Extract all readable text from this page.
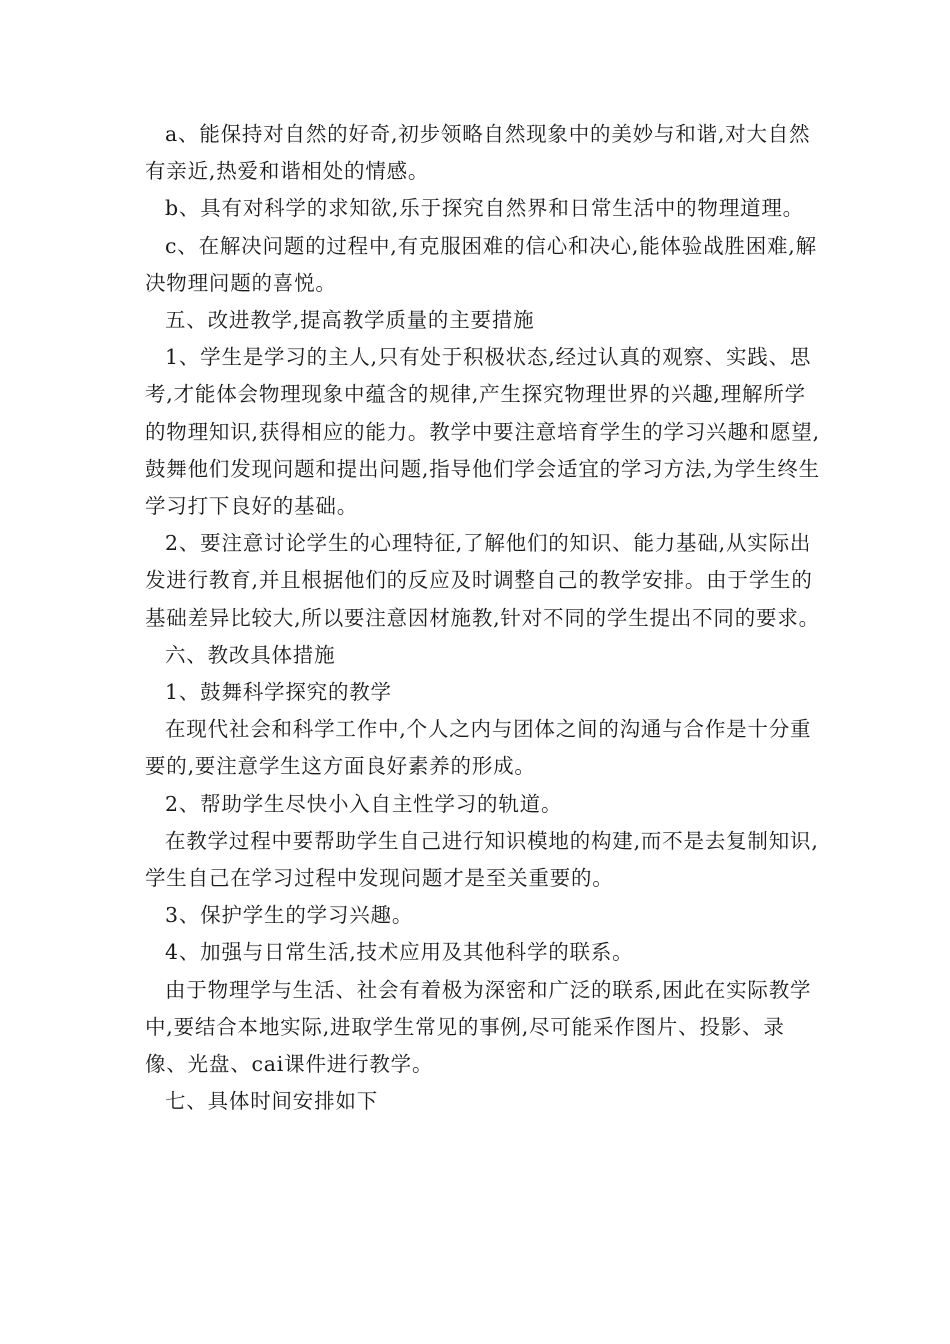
a、能保持对自然的好奇,初步领略自然现象中的美妙与和谐,对大自然有亲近,热爱和谐相处的情感。

b、具有对科学的求知欲,乐于探究自然界和日常生活中的物理道理。

c、在解决问题的过程中,有克服困难的信心和决心,能体验战胜困难,解决物理问题的喜悦。

五、改进教学,提高教学质量的主要措施

1、学生是学习的主人,只有处于积极状态,经过认真的观察、实践、思考,才能体会物理现象中蕴含的规律,产生探究物理世界的兴趣,理解所学的物理知识,获得相应的能力。教学中要注意培育学生的学习兴趣和愿望,鼓舞他们发现问题和提出问题,指导他们学会适宜的学习方法,为学生终生学习打下良好的基础。

2、要注意讨论学生的心理特征,了解他们的知识、能力基础,从实际出发进行教育,并且根据他们的反应及时调整自己的教学安排。由于学生的基础差异比较大,所以要注意因材施教,针对不同的学生提出不同的要求。

六、教改具体措施

1、鼓舞科学探究的教学

在现代社会和科学工作中,个人之内与团体之间的沟通与合作是十分重要的,要注意学生这方面良好素养的形成。

2、帮助学生尽快小入自主性学习的轨道。

在教学过程中要帮助学生自己进行知识模地的构建,而不是去复制知识,学生自己在学习过程中发现问题才是至关重要的。

3、保护学生的学习兴趣。

4、加强与日常生活,技术应用及其他科学的联系。

由于物理学与生活、社会有着极为深密和广泛的联系,困此在实际教学中,要结合本地实际,进取学生常见的事例,尽可能采作图片、投影、录像、光盘、cai课件进行教学。

七、具体时间安排如下
